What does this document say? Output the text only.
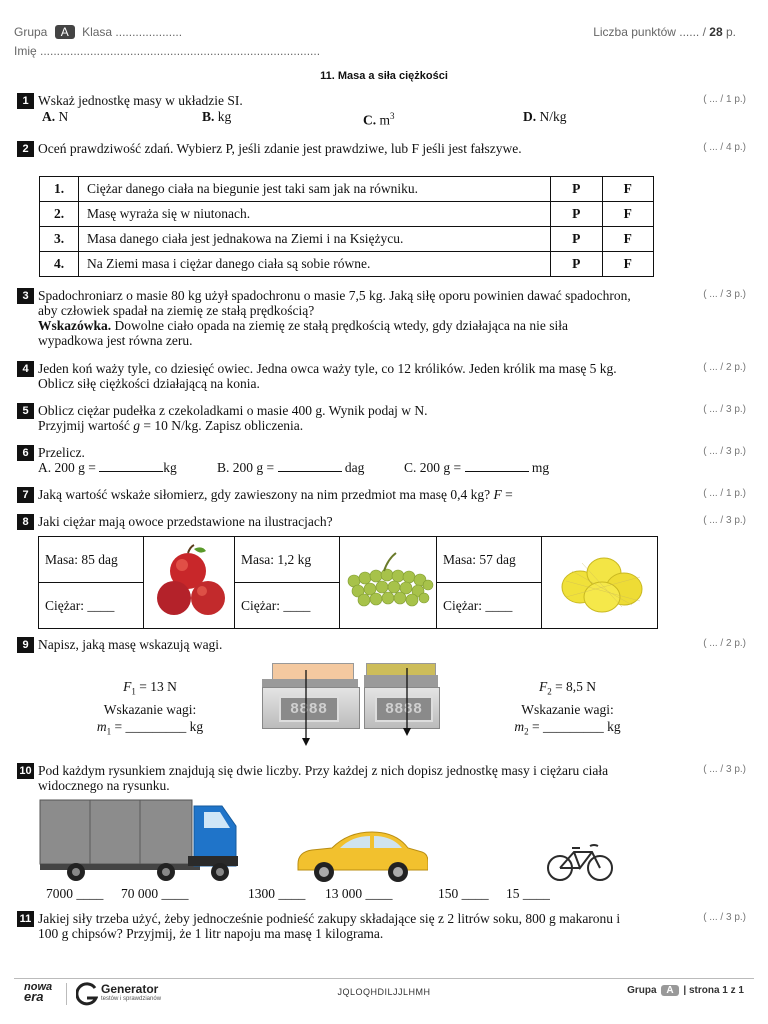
Grupa A Klasa ....................	Liczba punktów ...... / 28 p.
Imię ....................................................................................
11. Masa a siła ciężkości
1 Wskaż jednostkę masy w układzie SI.	( ... / 1 p.)
A. N	B. kg	C. $m^3$	D. N/kg
2 Oceń prawdziwość zdań. Wybierz P, jeśli zdanie jest prawdziwe, lub F jeśli jest fałszywe.	( ... / 4 p.)
1.	Ciężar danego ciała na biegunie jest taki sam jak na równiku.	P	F
2.	Masę wyraża się w niutonach.	P	F
3.	Masa danego ciała jest jednakowa na Ziemi i na Księżycu.	P	F
4.	Na Ziemi masa i ciężar danego ciała są sobie równe.	P	F
3 Spadochroniarz o masie 80 kg użył spadochronu o masie 7,5 kg. Jaką siłę oporu powinien dawać spadochron,
aby człowiek spadał na ziemię ze stałą prędkością?
Wskazówka. Dowolne ciało opada na ziemię ze stałą prędkością wtedy, gdy działająca na nie siła
wypadkowa jest równa zeru.
( ... / 3 p.)
4 Jeden koń waży tyle, co dziesięć owiec. Jedna owca waży tyle, co 12 królików. Jeden królik ma masę 5 kg.
Oblicz siłę ciężkości działającą na konia.
( ... / 2 p.)
5 Oblicz ciężar pudełka z czekoladkami o masie 400 g. Wynik podaj w N.
Przyjmij wartość g = 10 N/kg. Zapisz obliczenia.
( ... / 3 p.)
6 Przelicz.	( ... / 3 p.)
A. 200 g =	kg	B. 200 g =	dag	C. 200 g =	mg
7 Jaką wartość wskaże siłomierz, gdy zawieszony na nim przedmiot ma masę 0,4 kg? F =	( ... / 1 p.)
8 Jaki ciężar mają owoce przedstawione na ilustracjach?	( ... / 3 p.)
Masa: 85 dag		Masa: 1,2 kg		Masa: 57 dag	
Ciężar: ____		Ciężar: ____		Ciężar: ____	
9 Napisz, jaką masę wskazują wagi.	( ... / 2 p.)
$F_1 = 13$ N
Wskazanie wagi:
$m_1$ = _________ kg
$F_2 = 8,5$ N
Wskazanie wagi:
$m_2$ = _________ kg
8888	8888
10 Pod każdym rysunkiem znajdują się dwie liczby. Przy każdej z nich dopisz jednostkę masy i ciężaru ciała
widocznego na rysunku.
( ... / 3 p.)
7000 ____ 70 000 ____	1300 ____ 13 000 ____	150 ____ 15 ____
11 Jakiej siły trzeba użyć, żeby jednocześnie podnieść zakupy składające się z 2 litrów soku, 800 g makaronu i
100 g chipsów? Przyjmij, że 1 litr napoju ma masę 1 kilograma.
( ... / 3 p.)
nowa
era	Generator
testów i sprawdzianów
JQLOQHDILJJLHMH	Grupa A | strona 1 z 1
